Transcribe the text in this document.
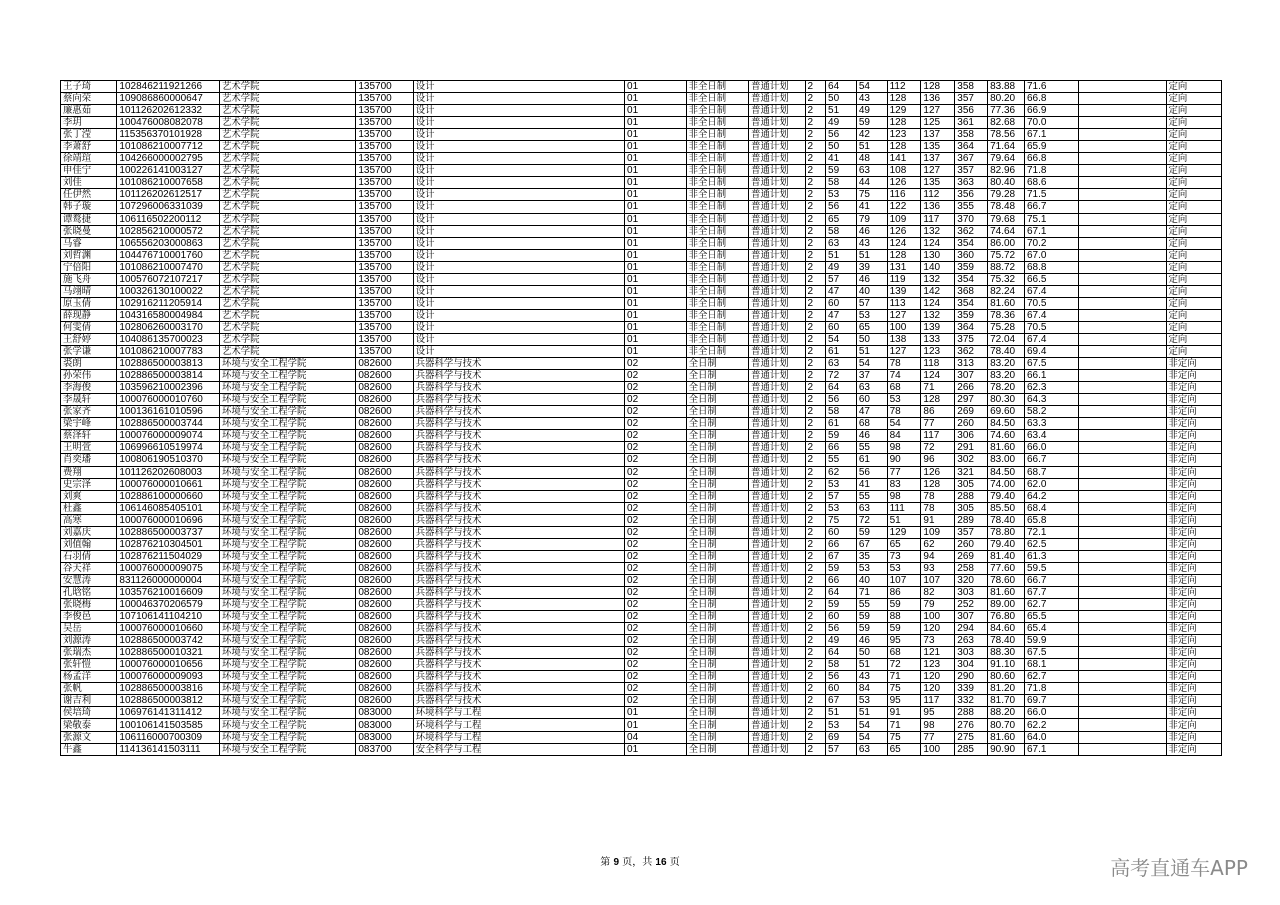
王子琦	102846211921266	艺术学院	135700	设计	01	非全日制	普通计划	2	64	54	112	128	358	83.88	71.6		定向
蔡向荣	109086860000647	艺术学院	135700	设计	01	非全日制	普通计划	2	50	43	128	136	357	80.20	66.8		定向
廉惠茹	101126202612332	艺术学院	135700	设计	01	非全日制	普通计划	2	51	49	129	127	356	77.36	66.9		定向
李玥	100476008082078	艺术学院	135700	设计	01	非全日制	普通计划	2	49	59	128	125	361	82.68	70.0		定向
张丁滢	115356370101928	艺术学院	135700	设计	01	非全日制	普通计划	2	56	42	123	137	358	78.56	67.1		定向
李萧舒	101086210007712	艺术学院	135700	设计	01	非全日制	普通计划	2	50	51	128	135	364	71.64	65.9		定向
徐靖瑄	104266000002795	艺术学院	135700	设计	01	非全日制	普通计划	2	41	48	141	137	367	79.64	66.8		定向
申佳宁	100226141003127	艺术学院	135700	设计	01	非全日制	普通计划	2	59	63	108	127	357	82.96	71.8		定向
刘佳	101086210007658	艺术学院	135700	设计	01	非全日制	普通计划	2	58	44	126	135	363	80.40	68.6		定向
任伊然	101126202612517	艺术学院	135700	设计	01	非全日制	普通计划	2	53	75	116	112	356	79.28	71.5		定向
韩子璇	107296006331039	艺术学院	135700	设计	01	非全日制	普通计划	2	56	41	122	136	355	78.48	66.7		定向
谭鹜捷	106116502200112	艺术学院	135700	设计	01	非全日制	普通计划	2	65	79	109	117	370	79.68	75.1		定向
张晓曼	102856210000572	艺术学院	135700	设计	01	非全日制	普通计划	2	58	46	126	132	362	74.64	67.1		定向
马睿	106556203000863	艺术学院	135700	设计	01	非全日制	普通计划	2	63	43	124	124	354	86.00	70.2		定向
刘哲渊	104476710001760	艺术学院	135700	设计	01	非全日制	普通计划	2	51	51	128	130	360	75.72	67.0		定向
宁倍阳	101086210007470	艺术学院	135700	设计	01	非全日制	普通计划	2	49	39	131	140	359	88.72	68.8		定向
施飞舟	100576072107217	艺术学院	135700	设计	01	非全日制	普通计划	2	57	46	119	132	354	75.32	66.5		定向
马翊晴	100326130100022	艺术学院	135700	设计	01	非全日制	普通计划	2	47	40	139	142	368	82.24	67.4		定向
原玉倩	102916211205914	艺术学院	135700	设计	01	非全日制	普通计划	2	60	57	113	124	354	81.60	70.5		定向
薛现静	104316580004984	艺术学院	135700	设计	01	非全日制	普通计划	2	47	53	127	132	359	78.36	67.4		定向
何雯倩	102806260003170	艺术学院	135700	设计	01	非全日制	普通计划	2	60	65	100	139	364	75.28	70.5		定向
王舒婷	104086135700023	艺术学院	135700	设计	01	非全日制	普通计划	2	54	50	138	133	375	72.04	67.4		定向
张学谦	101086210007783	艺术学院	135700	设计	01	非全日制	普通计划	2	61	51	127	123	362	78.40	69.4		定向
裘朗	102886500003813	环境与安全工程学院	082600	兵器科学与技术	02	全日制	普通计划	2	63	54	78	118	313	83.20	67.5		非定向
孙荣伟	102886500003814	环境与安全工程学院	082600	兵器科学与技术	02	全日制	普通计划	2	72	37	74	124	307	83.20	66.1		非定向
李海俊	103596210002396	环境与安全工程学院	082600	兵器科学与技术	02	全日制	普通计划	2	64	63	68	71	266	78.20	62.3		非定向
李晟轩	100076000010760	环境与安全工程学院	082600	兵器科学与技术	02	全日制	普通计划	2	56	60	53	128	297	80.30	64.3		非定向
张家齐	100136161010596	环境与安全工程学院	082600	兵器科学与技术	02	全日制	普通计划	2	58	47	78	86	269	69.60	58.2		非定向
梁宇峰	102886500003744	环境与安全工程学院	082600	兵器科学与技术	02	全日制	普通计划	2	61	68	54	77	260	84.50	63.3		非定向
蔡泽轩	100076000009074	环境与安全工程学院	082600	兵器科学与技术	02	全日制	普通计划	2	59	46	84	117	306	74.60	63.4		非定向
王明萱	106996610519974	环境与安全工程学院	082600	兵器科学与技术	02	全日制	普通计划	2	66	55	98	72	291	81.60	66.0		非定向
肖奕璠	100806190510370	环境与安全工程学院	082600	兵器科学与技术	02	全日制	普通计划	2	55	61	90	96	302	83.00	66.7		非定向
费翔	101126202608003	环境与安全工程学院	082600	兵器科学与技术	02	全日制	普通计划	2	62	56	77	126	321	84.50	68.7		非定向
史宗泽	100076000010661	环境与安全工程学院	082600	兵器科学与技术	02	全日制	普通计划	2	53	41	83	128	305	74.00	62.0		非定向
刘爽	102886100000660	环境与安全工程学院	082600	兵器科学与技术	02	全日制	普通计划	2	57	55	98	78	288	79.40	64.2		非定向
杜鑫	106146085405101	环境与安全工程学院	082600	兵器科学与技术	02	全日制	普通计划	2	53	63	111	78	305	85.50	68.4		非定向
高寒	100076000010696	环境与安全工程学院	082600	兵器科学与技术	02	全日制	普通计划	2	75	72	51	91	289	78.40	65.8		非定向
刘嘉庆	102886500003737	环境与安全工程学院	082600	兵器科学与技术	02	全日制	普通计划	2	60	59	129	109	357	78.80	72.1		非定向
刘值翰	102876210304501	环境与安全工程学院	082600	兵器科学与技术	02	全日制	普通计划	2	66	67	65	62	260	79.40	62.5		非定向
石羽倩	102876211504029	环境与安全工程学院	082600	兵器科学与技术	02	全日制	普通计划	2	67	35	73	94	269	81.40	61.3		非定向
谷天祥	100076000009075	环境与安全工程学院	082600	兵器科学与技术	02	全日制	普通计划	2	59	53	53	93	258	77.60	59.5		非定向
安慧涛	831126000000004	环境与安全工程学院	082600	兵器科学与技术	02	全日制	普通计划	2	66	40	107	107	320	78.60	66.7		非定向
孔晗铭	103576210016609	环境与安全工程学院	082600	兵器科学与技术	02	全日制	普通计划	2	64	71	86	82	303	81.60	67.7		非定向
张晓梅	100046370206579	环境与安全工程学院	082600	兵器科学与技术	02	全日制	普通计划	2	59	55	59	79	252	89.00	62.7		非定向
李俊邑	107106141104210	环境与安全工程学院	082600	兵器科学与技术	02	全日制	普通计划	2	60	59	88	100	307	76.80	65.5		非定向
吴岳	100076000010660	环境与安全工程学院	082600	兵器科学与技术	02	全日制	普通计划	2	56	59	59	120	294	84.60	65.4		非定向
刘源涛	102886500003742	环境与安全工程学院	082600	兵器科学与技术	02	全日制	普通计划	2	49	46	95	73	263	78.40	59.9		非定向
张瑞杰	102886500010321	环境与安全工程学院	082600	兵器科学与技术	02	全日制	普通计划	2	64	50	68	121	303	88.30	67.5		非定向
张轩愷	100076000010656	环境与安全工程学院	082600	兵器科学与技术	02	全日制	普通计划	2	58	51	72	123	304	91.10	68.1		非定向
杨孟洋	100076000009093	环境与安全工程学院	082600	兵器科学与技术	02	全日制	普通计划	2	56	43	71	120	290	80.60	62.7		非定向
张帆	102886500003816	环境与安全工程学院	082600	兵器科学与技术	02	全日制	普通计划	2	60	84	75	120	339	81.20	71.8		非定向
谢吉利	102886500003812	环境与安全工程学院	082600	兵器科学与技术	02	全日制	普通计划	2	67	53	95	117	332	81.70	69.7		非定向
侯培琦	106976141311412	环境与安全工程学院	083000	环境科学与工程	01	全日制	普通计划	2	51	51	91	95	288	88.20	66.0		非定向
梁敬泰	100106141503585	环境与安全工程学院	083000	环境科学与工程	01	全日制	普通计划	2	53	54	71	98	276	80.70	62.2		非定向
张源文	106116000700309	环境与安全工程学院	083000	环境科学与工程	04	全日制	普通计划	2	69	54	75	77	275	81.60	64.0		非定向
牛鑫	114136141503111	环境与安全工程学院	083700	安全科学与工程	01	全日制	普通计划	2	57	63	65	100	285	90.90	67.1		非定向
第 9 页，共 16 页	高考直通车APP
